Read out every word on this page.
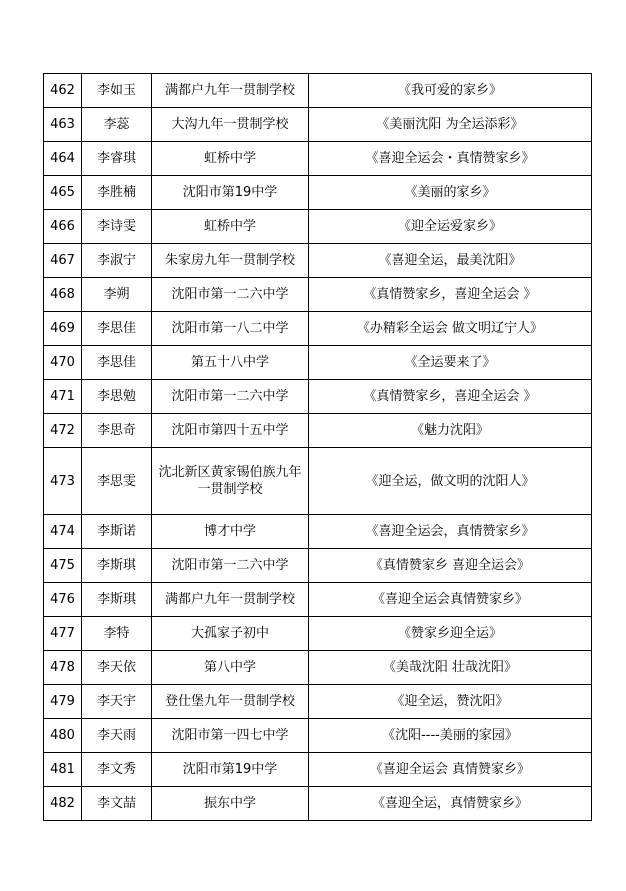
462	李如玉	满都户九年一贯制学校	《我可爱的家乡》
463	李蕊	大沟九年一贯制学校	《美丽沈阳 为全运添彩》
464	李睿琪	虹桥中学	《喜迎全运会・真情赞家乡》
465	李胜楠	沈阳市第19中学	《美丽的家乡》
466	李诗雯	虹桥中学	《迎全运爱家乡》
467	李淑宁	朱家房九年一贯制学校	《喜迎全运，最美沈阳》
468	李朔	沈阳市第一二六中学	《真情赞家乡，喜迎全运会 》
469	李思佳	沈阳市第一八二中学	《办精彩全运会 做文明辽宁人》
470	李思佳	第五十八中学	《全运要来了》
471	李思勉	沈阳市第一二六中学	《真情赞家乡，喜迎全运会 》
472	李思奇	沈阳市第四十五中学	《魅力沈阳》
473	李思雯	沈北新区黄家锡伯族九年一贯制学校	《迎全运，做文明的沈阳人》
474	李斯诺	博才中学	《喜迎全运会，真情赞家乡》
475	李斯琪	沈阳市第一二六中学	《真情赞家乡 喜迎全运会》
476	李斯琪	满都户九年一贯制学校	《喜迎全运会真情赞家乡》
477	李特	大孤家子初中	《赞家乡迎全运》
478	李天依	第八中学	《美哉沈阳 壮哉沈阳》
479	李天宇	登仕堡九年一贯制学校	《迎全运，赞沈阳》
480	李天雨	沈阳市第一四七中学	《沈阳----美丽的家园》
481	李文秀	沈阳市第19中学	《喜迎全运会 真情赞家乡》
482	李文喆	振东中学	《喜迎全运，真情赞家乡》
